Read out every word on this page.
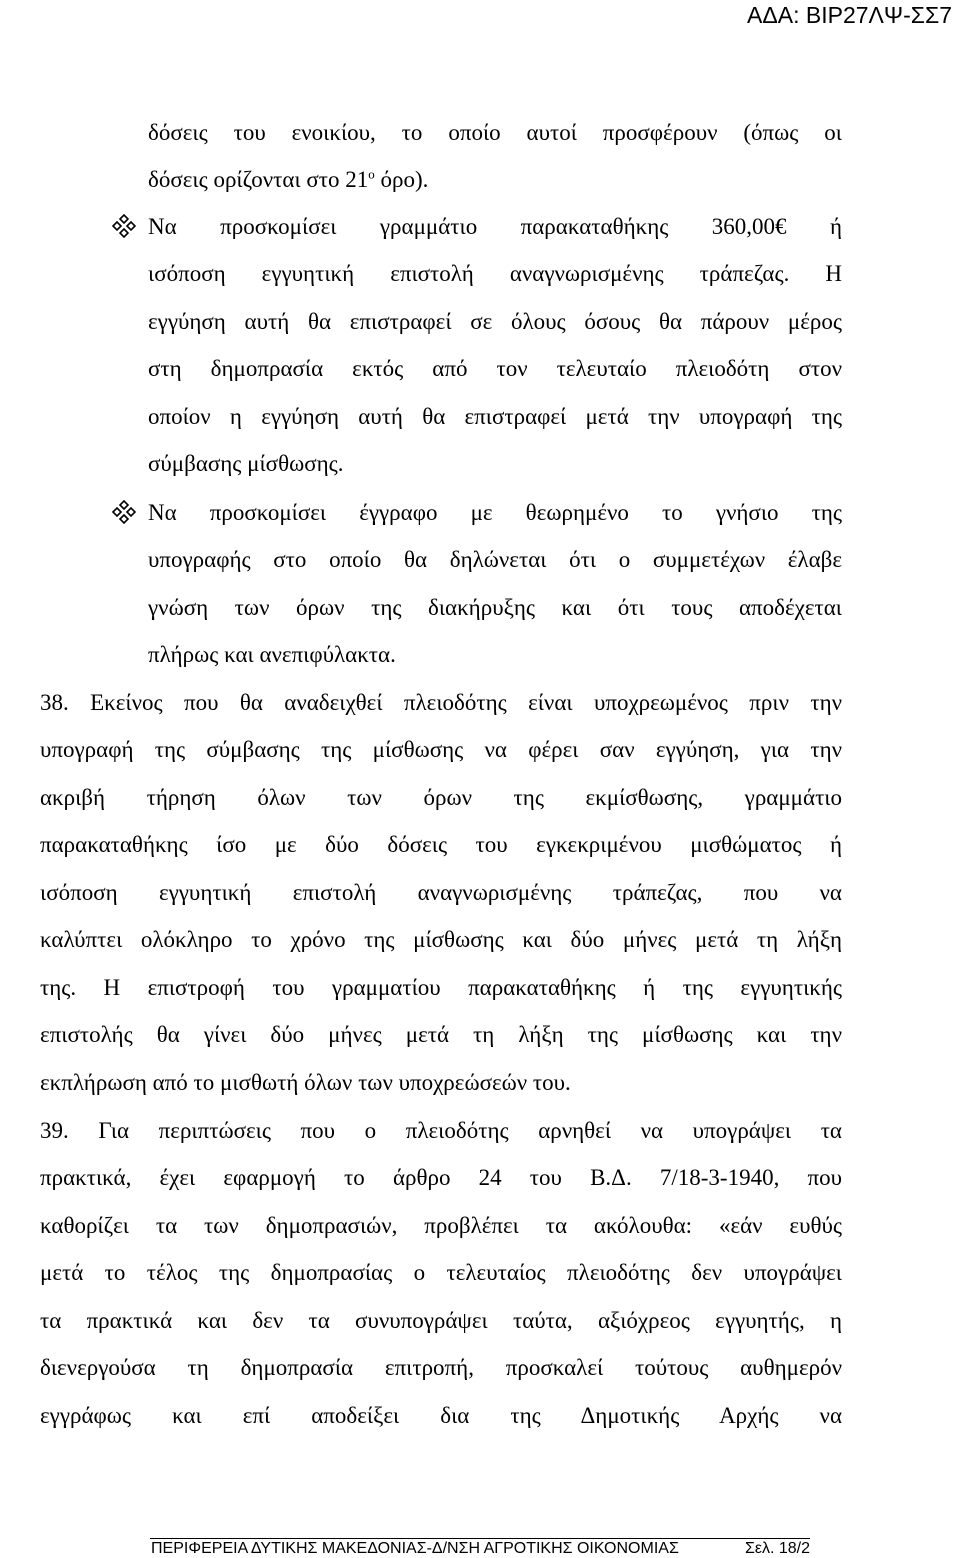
ΑΔΑ: ΒΙΡ27ΛΨ-ΣΣ7
δόσεις του ενοικίου, το οποίο αυτοί προσφέρουν (όπως οι
δόσεις ορίζονται στο $21^o$ όρο).
Να προσκομίσει γραμμάτιο παρακαταθήκης 360,00€ ή
ισόποση εγγυητική επιστολή αναγνωρισμένης τράπεζας. Η
εγγύηση αυτή θα επιστραφεί σε όλους όσους θα πάρουν μέρος
στη δημοπρασία εκτός από τον τελευταίο πλειοδότη στον
οποίον η εγγύηση αυτή θα επιστραφεί μετά την υπογραφή της
σύμβασης μίσθωσης.
Να προσκομίσει έγγραφο με θεωρημένο το γνήσιο της
υπογραφής στο οποίο θα δηλώνεται ότι ο συμμετέχων έλαβε
γνώση των όρων της διακήρυξης και ότι τους αποδέχεται
πλήρως και ανεπιφύλακτα.
38. Εκείνος που θα αναδειχθεί πλειοδότης είναι υποχρεωμένος πριν την
υπογραφή της σύμβασης της μίσθωσης να φέρει σαν εγγύηση, για την
ακριβή τήρηση όλων των όρων της εκμίσθωσης, γραμμάτιο
παρακαταθήκης ίσο με δύο δόσεις του εγκεκριμένου μισθώματος ή
ισόποση εγγυητική επιστολή αναγνωρισμένης τράπεζας, που να
καλύπτει ολόκληρο το χρόνο της μίσθωσης και δύο μήνες μετά τη λήξη
της. Η επιστροφή του γραμματίου παρακαταθήκης ή της εγγυητικής
επιστολής θα γίνει δύο μήνες μετά τη λήξη της μίσθωσης και την
εκπλήρωση από το μισθωτή όλων των υποχρεώσεών του.
39. Για περιπτώσεις που ο πλειοδότης αρνηθεί να υπογράψει τα
πρακτικά, έχει εφαρμογή το άρθρο 24 του Β.Δ. 7/18-3-1940, που
καθορίζει τα των δημοπρασιών, προβλέπει τα ακόλουθα: «εάν ευθύς
μετά το τέλος της δημοπρασίας ο τελευταίος πλειοδότης δεν υπογράψει
τα πρακτικά και δεν τα συνυπογράψει ταύτα, αξιόχρεος εγγυητής, η
διενεργούσα τη δημοπρασία επιτροπή, προσκαλεί τούτους αυθημερόν
εγγράφως και επί αποδείξει δια της Δημοτικής Αρχής να
ΠΕΡΙΦΕΡΕΙΑ ΔΥΤΙΚΗΣ ΜΑΚΕΔΟΝΙΑΣ-Δ/ΝΣΗ ΑΓΡΟΤΙΚΗΣ ΟΙΚΟΝΟΜΙΑΣ	Σελ. 18/2
